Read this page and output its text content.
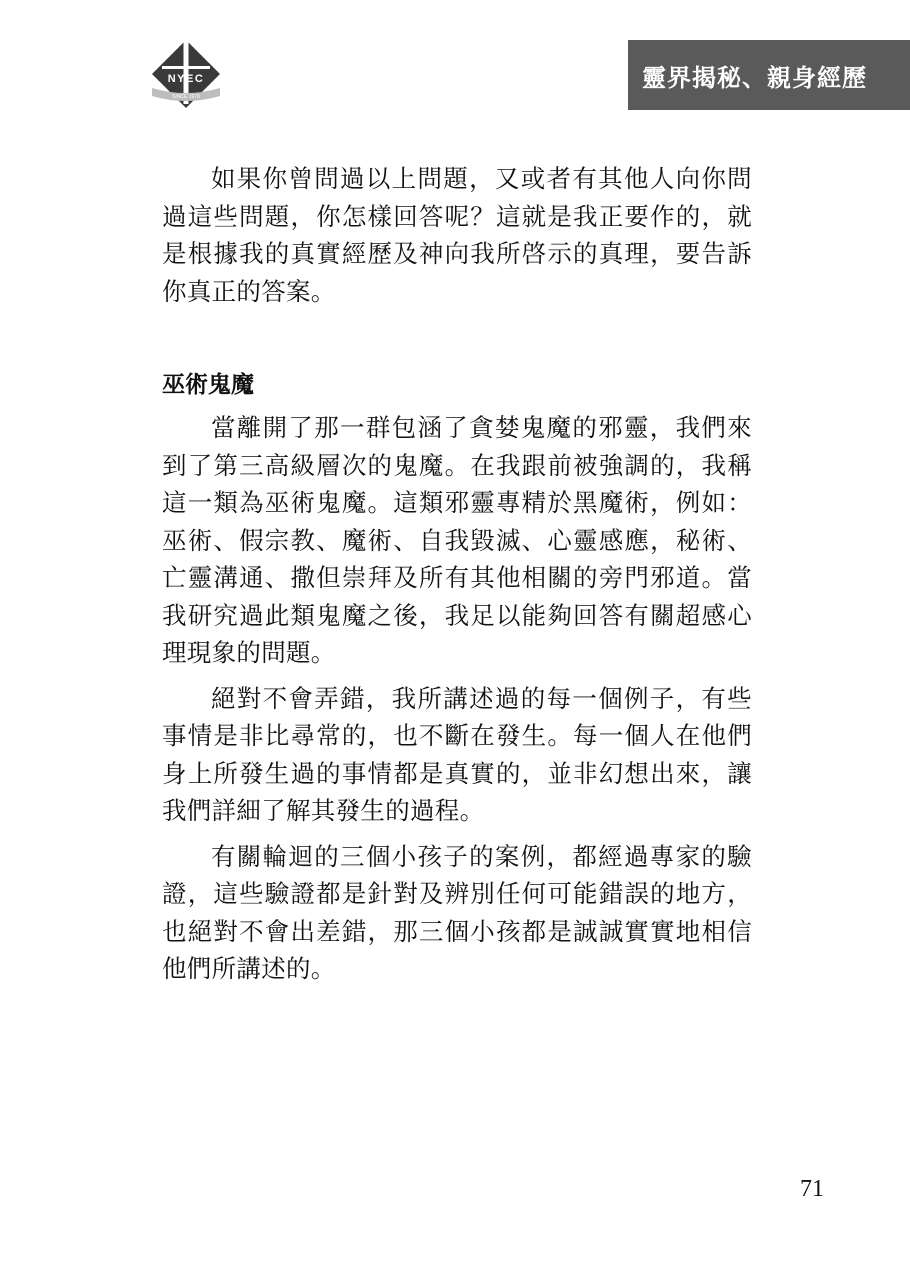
NYEC
SINCE 1970
靈界揭秘、親身經歷

如果你曾問過以上問題，又或者有其他人向你問過這些問題，你怎樣回答呢？這就是我正要作的，就是根據我的真實經歷及神向我所啓示的真理，要告訴你真正的答案。

巫術鬼魔

當離開了那一群包涵了貪婪鬼魔的邪靈，我們來到了第三高級層次的鬼魔。在我跟前被強調的，我稱這一類為巫術鬼魔。這類邪靈專精於黑魔術，例如：巫術、假宗教、魔術、自我毀滅、心靈感應，秘術、亡靈溝通、撒但崇拜及所有其他相關的旁門邪道。當我研究過此類鬼魔之後，我足以能夠回答有關超感心理現象的問題。

絕對不會弄錯，我所講述過的每一個例子，有些事情是非比尋常的，也不斷在發生。每一個人在他們身上所發生過的事情都是真實的，並非幻想出來，讓我們詳細了解其發生的過程。

有關輪迴的三個小孩子的案例，都經過專家的驗證，這些驗證都是針對及辨別任何可能錯誤的地方，也絕對不會出差錯，那三個小孩都是誠誠實實地相信他們所講述的。

71
